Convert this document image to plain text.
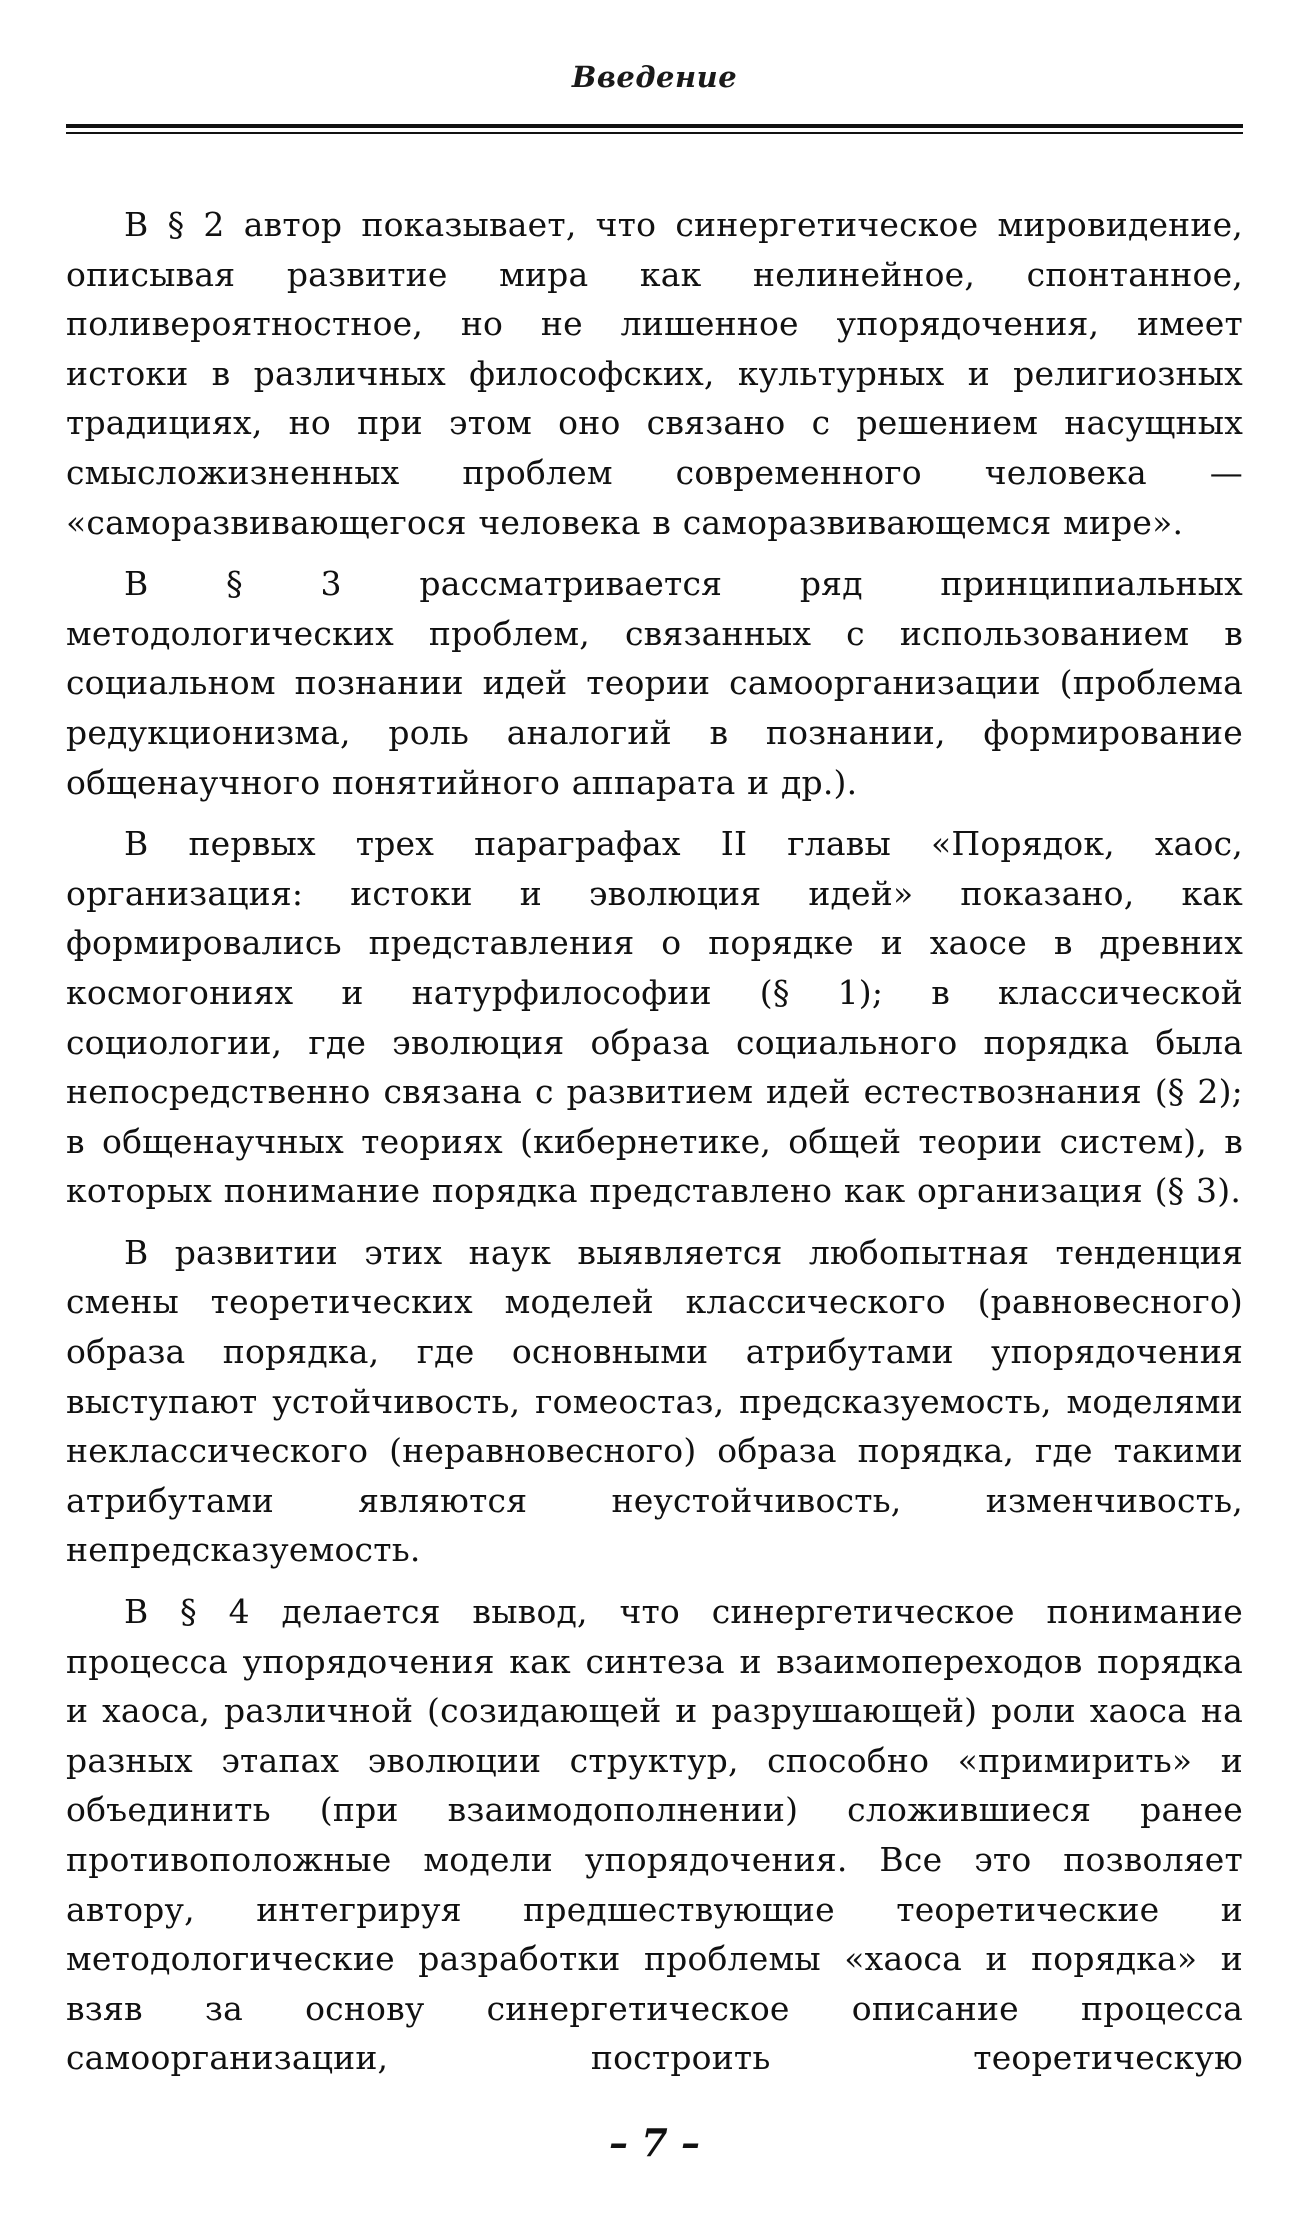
Введение

В § 2 автор показывает, что синергетическое мировидение, описывая развитие мира как нелинейное, спонтанное, поливероятностное, но не лишенное упорядочения, имеет истоки в различных философских, культурных и религиозных традициях, но при этом оно связано с решением насущных смысложизненных проблем современного человека — «саморазвивающегося человека в саморазвивающемся мире».

В § 3 рассматривается ряд принципиальных методологических проблем, связанных с использованием в социальном познании идей теории самоорганизации (проблема редукционизма, роль аналогий в познании, формирование общенаучного понятийного аппарата и др.).

В первых трех параграфах II главы «Порядок, хаос, организация: истоки и эволюция идей» показано, как формировались представления о порядке и хаосе в древних космогониях и натурфилософии (§ 1); в классической социологии, где эволюция образа социального порядка была непосредственно связана с развитием идей естествознания (§ 2); в общенаучных теориях (кибернетике, общей теории систем), в которых понимание порядка представлено как организация (§ 3).

В развитии этих наук выявляется любопытная тенденция смены теоретических моделей классического (равновесного) образа порядка, где основными атрибутами упорядочения выступают устойчивость, гомеостаз, предсказуемость, моделями неклассического (неравновесного) образа порядка, где такими атрибутами являются неустойчивость, изменчивость, непредсказуемость.

В § 4 делается вывод, что синергетическое понимание процесса упорядочения как синтеза и взаимопереходов порядка и хаоса, различной (созидающей и разрушающей) роли хаоса на разных этапах эволюции структур, способно «примирить» и объединить (при взаимодополнении) сложившиеся ранее противоположные модели упорядочения. Все это позволяет автору, интегрируя предшествующие теоретические и методологические разработки проблемы «хаоса и порядка» и взяв за основу синергетическое описание процесса самоорганизации, построить теоретическую

– 7 –
